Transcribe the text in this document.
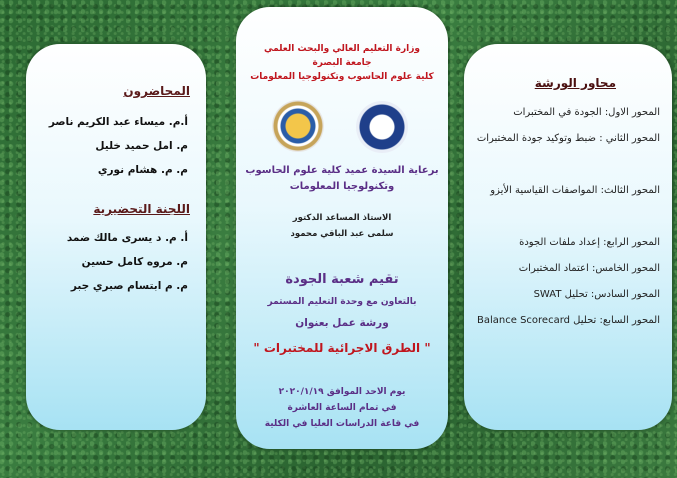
المحاضرون
أ.م. ميساء عبد الكريم ناصر
م. امل حميد خليل
م. م. هشام نوري
اللجنة التحضيرية
أ. م. د يسرى مالك ضمد
م. مروه كامل حسين
م. م ابتسام صبري جبر
وزارة التعليم العالي والبحث العلمي
جامعة البصرة
كلية علوم الحاسوب وتكنولوجيا المعلومات
برعاية السيدة عميد كلية علوم الحاسوب
وتكنولوجيا المعلومات
الاستاذ المساعد الدكتور
سلمى عبد الباقي محمود
تقيم شعبة الجودة
بالتعاون مع وحدة التعليم المستمر
ورشة عمل بعنوان
" الطرق الاجرائية للمختبرات "
يوم الاحد الموافق ٢٠٢٠/١/١٩
في تمام الساعة العاشرة
في قاعة الدراسات العليا في الكلية
محاور الورشة
المحور الاول: الجودة في المختبرات
المحور الثاني : ضبط وتوكيد جودة المختبرات
المحور الثالث: المواصفات القياسية الأيزو
المحور الرابع: إعداد ملفات الجودة
المحور الخامس: اعتماد المختبرات
المحور السادس: تحليل SWAT
المحور السابع: تحليل Balance Scorecard
